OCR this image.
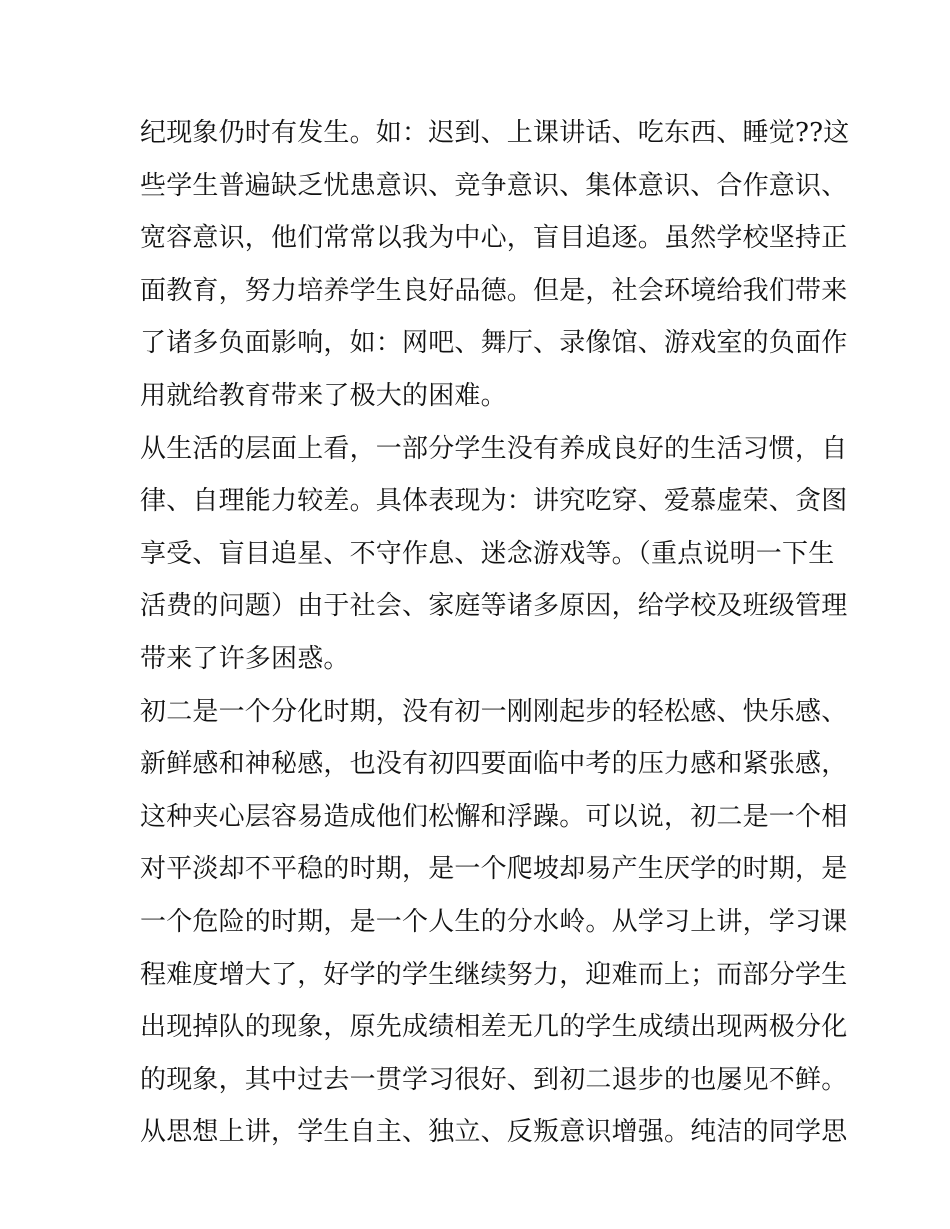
纪现象仍时有发生。如：迟到、上课讲话、吃东西、睡觉??这
些学生普遍缺乏忧患意识、竞争意识、集体意识、合作意识、
宽容意识，他们常常以我为中心，盲目追逐。虽然学校坚持正
面教育，努力培养学生良好品德。但是，社会环境给我们带来
了诸多负面影响，如：网吧、舞厅、录像馆、游戏室的负面作
用就给教育带来了极大的困难。
从生活的层面上看，一部分学生没有养成良好的生活习惯，自
律、自理能力较差。具体表现为：讲究吃穿、爱慕虚荣、贪图
享受、盲目追星、不守作息、迷念游戏等。（重点说明一下生
活费的问题）由于社会、家庭等诸多原因，给学校及班级管理
带来了许多困惑。
初二是一个分化时期，没有初一刚刚起步的轻松感、快乐感、
新鲜感和神秘感，也没有初四要面临中考的压力感和紧张感，
这种夹心层容易造成他们松懈和浮躁。可以说，初二是一个相
对平淡却不平稳的时期，是一个爬坡却易产生厌学的时期，是
一个危险的时期，是一个人生的分水岭。从学习上讲，学习课
程难度增大了，好学的学生继续努力，迎难而上；而部分学生
出现掉队的现象，原先成绩相差无几的学生成绩出现两极分化
的现象，其中过去一贯学习很好、到初二退步的也屡见不鲜。
从思想上讲，学生自主、独立、反叛意识增强。纯洁的同学思
